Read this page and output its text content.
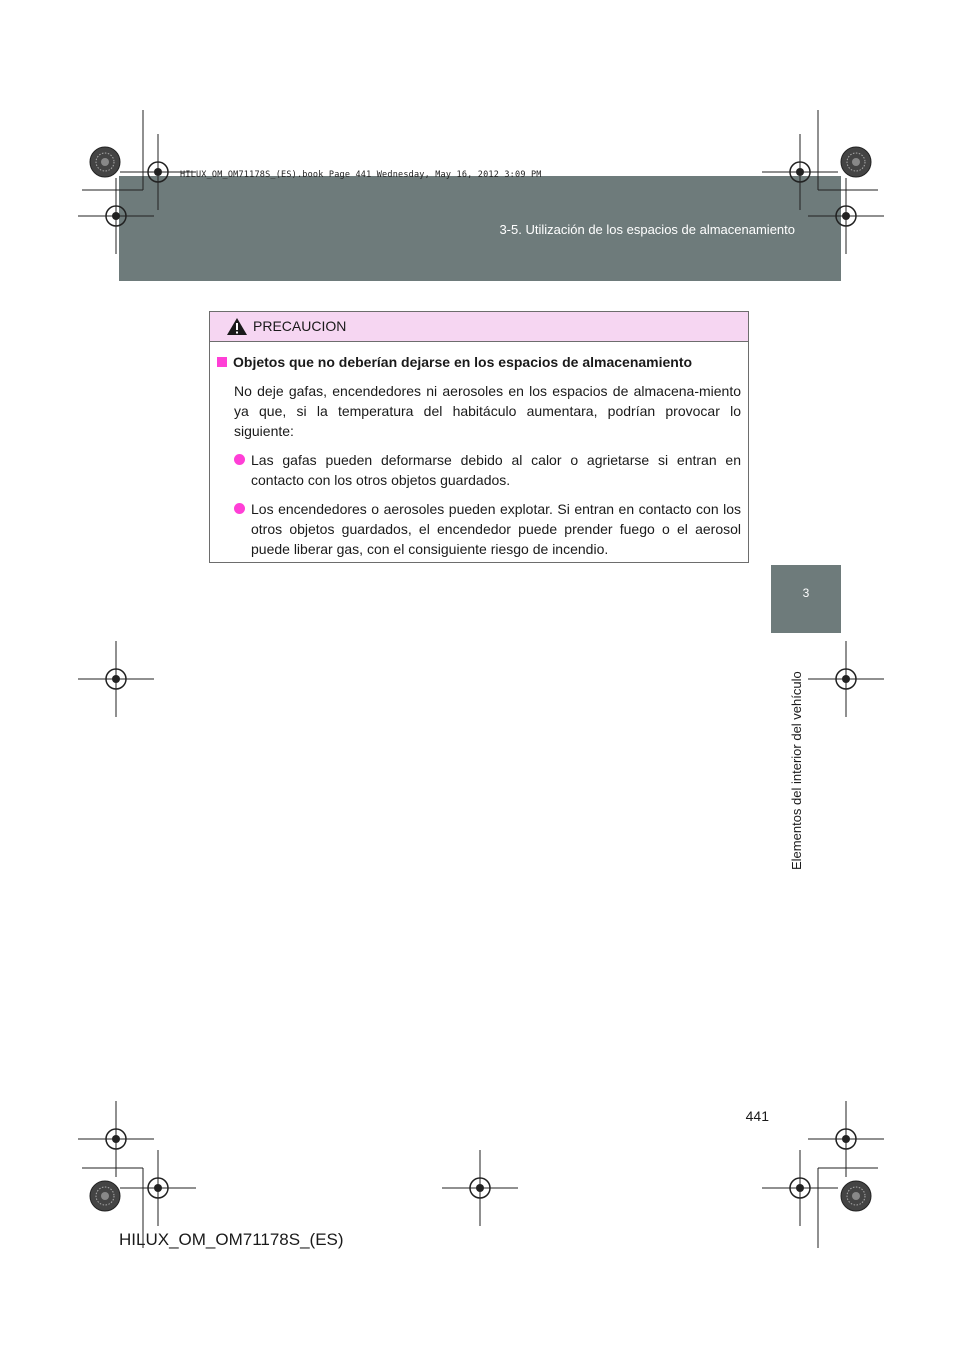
HILUX_OM_OM71178S_(ES).book Page 441 Wednesday, May 16, 2012 3:09 PM
3-5. Utilización de los espacios de almacenamiento
3
Elementos del interior del vehículo
PRECAUCION
Objetos que no deberían dejarse en los espacios de almacenamiento
No deje gafas, encendedores ni aerosoles en los espacios de almacena-miento ya que, si la temperatura del habitáculo aumentara, podrían provocar lo siguiente:
Las gafas pueden deformarse debido al calor o agrietarse si entran en contacto con los otros objetos guardados.
Los encendedores o aerosoles pueden explotar. Si entran en contacto con los otros objetos guardados, el encendedor puede prender fuego o el aerosol puede liberar gas, con el consiguiente riesgo de incendio.
441
HILUX_OM_OM71178S_(ES)
